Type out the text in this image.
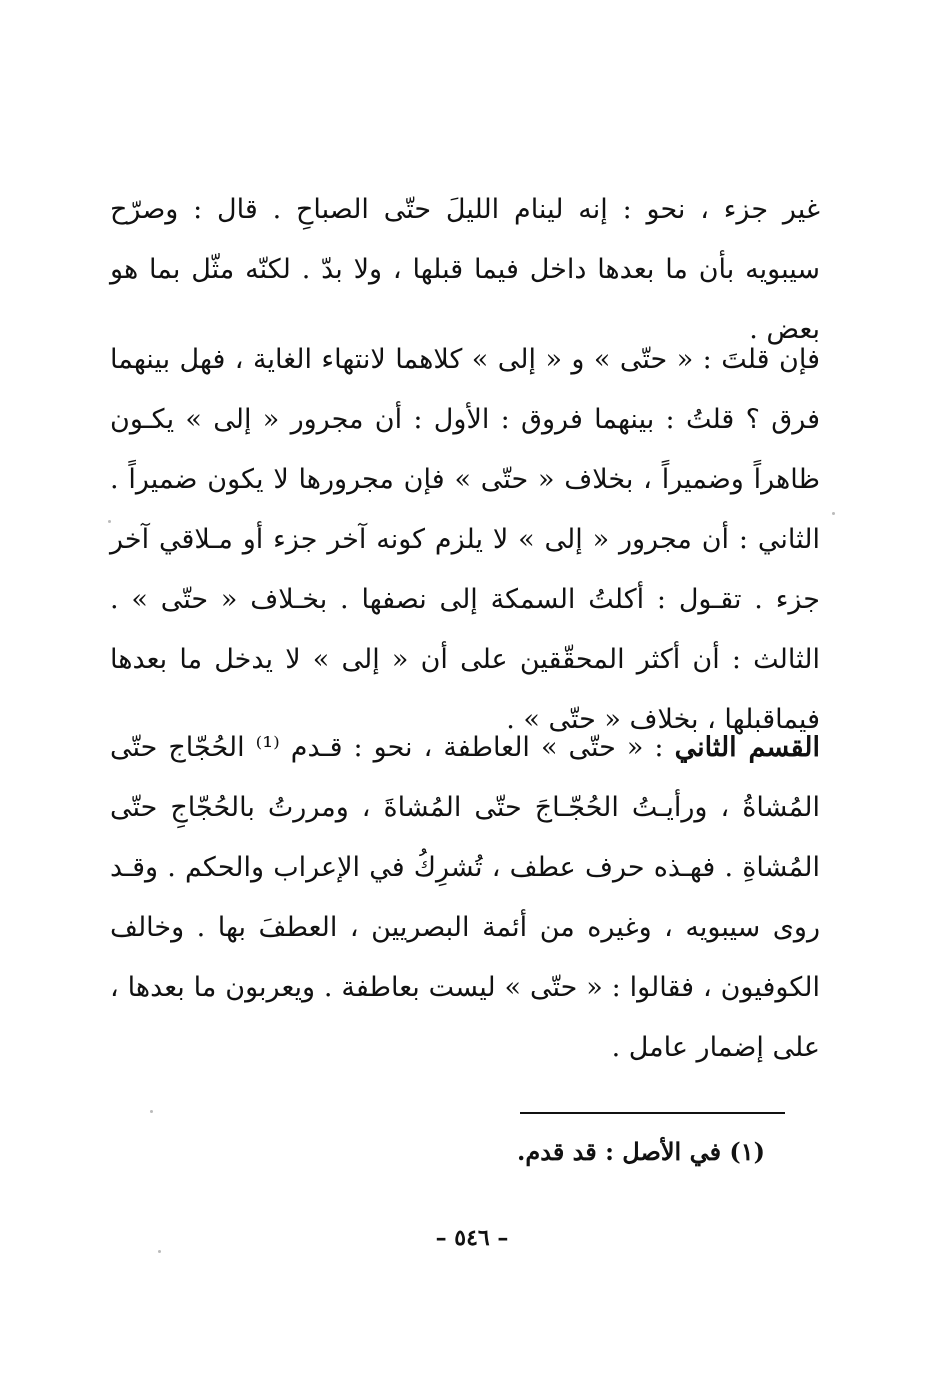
غير جزء ، نحو : إنه لينام الليلَ حتّى الصباحِ . قال : وصرّح سيبويه بأن ما بعدها داخل فيما قبلها ، ولا بدّ . لكنّه مثّل بما هو بعض .

فإن قلتَ : « حتّى » و « إلى » كلاهما لانتهاء الغاية ، فهل بينهما فرق ؟ قلتُ : بينهما فروق : الأول : أن مجرور « إلى » يكـون ظاهراً وضميراً ، بخلاف « حتّى » فإن مجرورها لا يكون ضميراً . الثاني : أن مجرور « إلى » لا يلزم كونه آخر جزء أو مـلاقي آخر جزء . تقـول : أكلتُ السمكة إلى نصفها . بخـلاف « حتّى » . الثالث : أن أكثر المحقّقين على أن « إلى » لا يدخل ما بعدها فيماقبلها ، بخلاف « حتّى » .

القسم الثاني : « حتّى » العاطفة ، نحو : قـدم ⁽¹⁾ الحُجّاج حتّى المُشاةُ ، ورأيـتُ الحُجّـاجَ حتّى المُشاةَ ، ومررتُ بالحُجّاجِ حتّى المُشاةِ . فهـذه حرف عطف ، تُشرِكُ في الإعراب والحكم . وقـد روى سيبويه ، وغيره من أئمة البصريين ، العطفَ بها . وخالف الكوفيون ، فقالوا : « حتّى » ليست بعاطفة . ويعربون ما بعدها ، على إضمار عامل .

(١) في الأصل : قد قدم.

– ٥٤٦ –
